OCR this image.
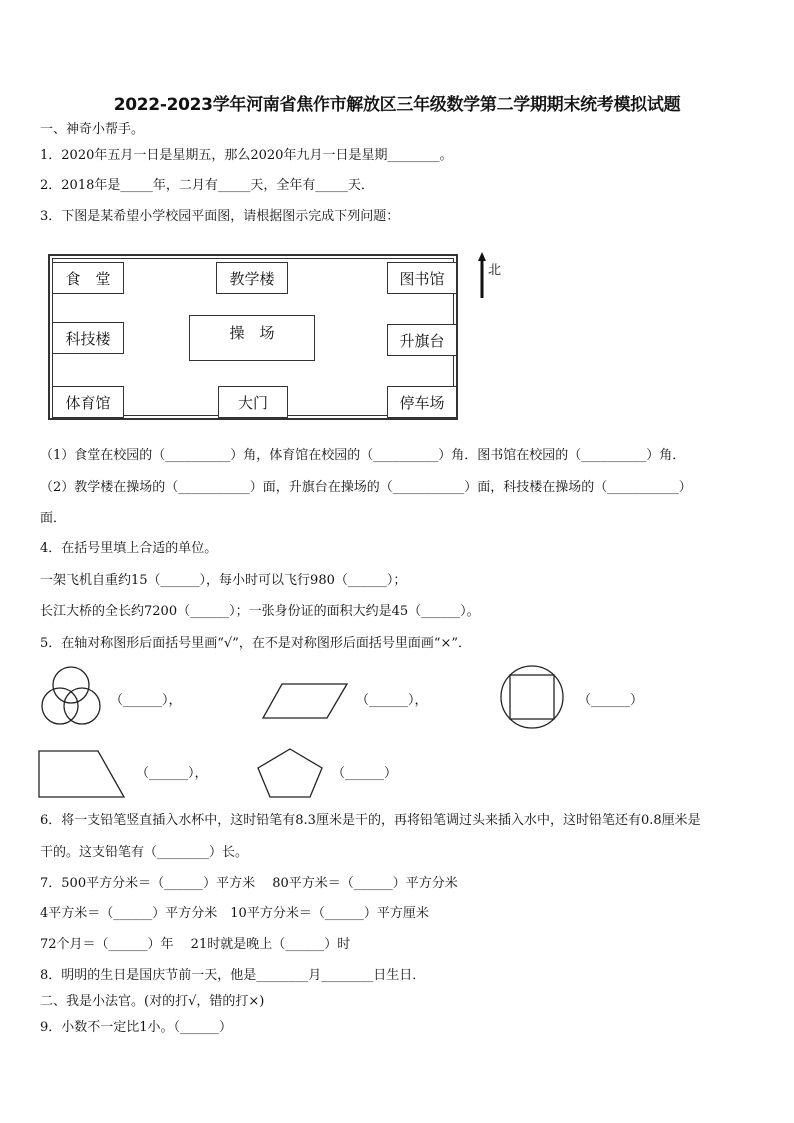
2022-2023学年河南省焦作市解放区三年级数学第二学期期末统考模拟试题
一、神奇小帮手。
1．2020年五月一日是星期五，那么2020年九月一日是星期________。
2．2018年是_____年，二月有_____天，全年有_____天．
3．下图是某希望小学校园平面图，请根据图示完成下列问题：
食　堂	教学楼	图书馆
科技楼	操　场	升旗台
体育馆	大门	停车场
北
（1）食堂在校园的（__________）角，体育馆在校园的（__________）角．图书馆在校园的（__________）角．
（2）教学楼在操场的（___________）面，升旗台在操场的（___________）面，科技楼在操场的（___________）
面．
4．在括号里填上合适的单位。
一架飞机自重约15（______），每小时可以飞行980（______）；
长江大桥的全长约7200（______）；一张身份证的面积大约是45（______）。
5．在轴对称图形后面括号里画“√”，在不是对称图形后面括号里面画“×”．
（______），	（______），	（______）
（______），	（______）
6．将一支铅笔竖直插入水杯中，这时铅笔有8.3厘米是干的，再将铅笔调过头来插入水中，这时铅笔还有0.8厘米是
干的。这支铅笔有（________）长。
7．500平方分米＝（______）平方米　 80平方米＝（______）平方分米
4平方米＝（______）平方分米　10平方分米＝（______）平方厘米
72个月＝（______）年　 21时就是晚上（______）时
8．明明的生日是国庆节前一天，他是________月________日生日．
二、我是小法官。(对的打√，错的打×)
9．小数不一定比1小。（______）
